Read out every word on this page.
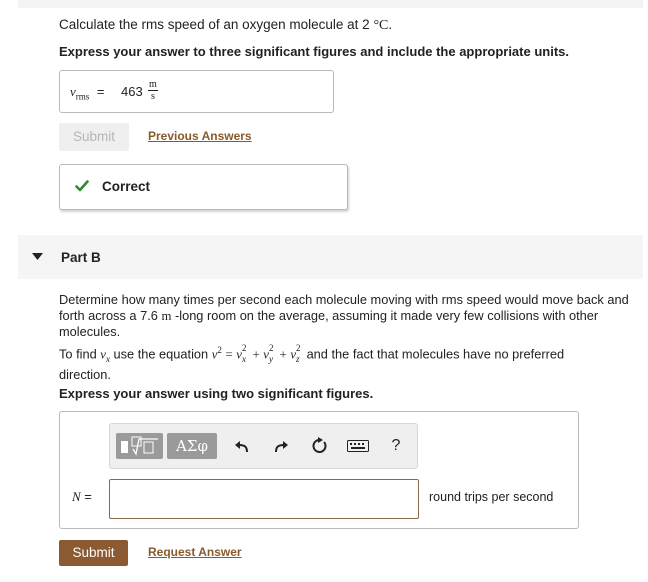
Calculate the rms speed of an oxygen molecule at 2 °C.
Express your answer to three significant figures and include the appropriate units.
$v_{rms} = 463 \frac{m}{s}$
Submit	Previous Answers
Correct
Part B
Determine how many times per second each molecule moving with rms speed would move back and
forth across a 7.6 m -long room on the average, assuming it made very few collisions with other
molecules.
To find $v_x$ use the equation $v^2 = v$ 2
x + v 2
y + v 2
z and the fact that molecules have no preferred
direction.
Express your answer using two significant figures.
ΑΣφ	?
N =	round trips per second
Submit	Request Answer
